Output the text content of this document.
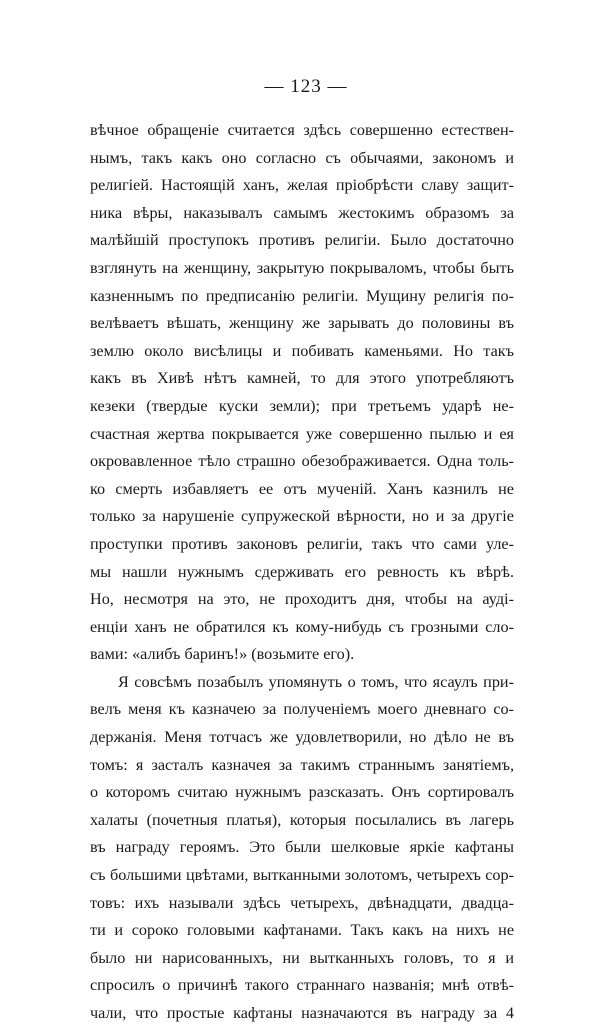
— 123 —
вѣчное обращеніе считается здѣсь совершенно естествен-
нымъ, такъ какъ оно согласно съ обычаями, закономъ и
религіей. Настоящій ханъ, желая пріобрѣсти славу защит-
ника вѣры, наказывалъ самымъ жестокимъ образомъ за
малѣйшій проступокъ противъ религіи. Было достаточно
взглянуть на женщину, закрытую покрываломъ, чтобы быть
казненнымъ по предписанію религіи. Мущину религія по-
велѣваетъ вѣшать, женщину же зарывать до половины въ
землю около висѣлицы и побивать каменьями. Но такъ
какъ въ Хивѣ нѣтъ камней, то для этого употребляютъ
кезеки (твердые куски земли); при третьемъ ударѣ не-
счастная жертва покрывается уже совершенно пылью и ея
окровавленное тѣло страшно обезображивается. Одна толь-
ко смерть избавляетъ ее отъ мученій. Ханъ казнилъ не
только за нарушеніе супружеской вѣрности, но и за другіе
проступки противъ законовъ религіи, такъ что сами уле-
мы нашли нужнымъ сдерживать его ревность къ вѣрѣ.
Но, несмотря на это, не проходитъ дня, чтобы на ауді-
енціи ханъ не обратился къ кому-нибудь съ грозными сло-
вами: «алибъ баринъ!» (возьмите его).
Я совсѣмъ позабылъ упомянуть о томъ, что ясаулъ при-
велъ меня къ казначею за полученіемъ моего дневнаго со-
держанія. Меня тотчасъ же удовлетворили, но дѣло не въ
томъ: я засталъ казначея за такимъ страннымъ занятіемъ,
о которомъ считаю нужнымъ разсказать. Онъ сортировалъ
халаты (почетныя платья), которыя посылались въ лагерь
въ награду героямъ. Это были шелковые яркіе кафтаны
съ большими цвѣтами, вытканными золотомъ, четырехъ сор-
товъ: ихъ называли здѣсь четырехъ, двѣнадцати, двадца-
ти и сороко головыми кафтанами. Такъ какъ на нихъ не
было ни нарисованныхъ, ни вытканныхъ головъ, то я и
спросилъ о причинѣ такого страннаго названія; мнѣ отвѣ-
чали, что простые кафтаны назначаются въ награду за 4
